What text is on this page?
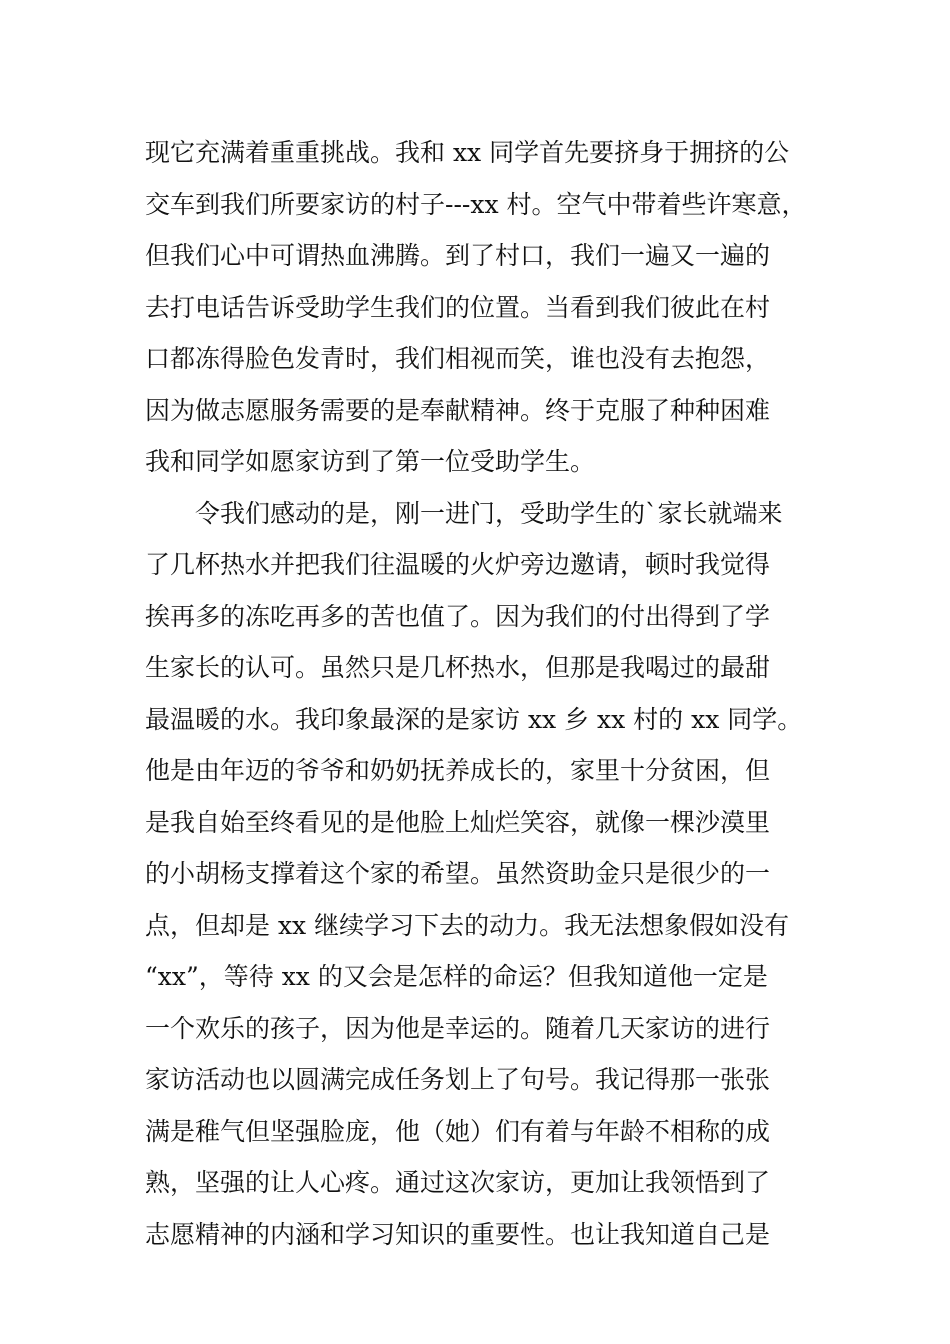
现它充满着重重挑战。我和 xx 同学首先要挤身于拥挤的公
交车到我们所要家访的村子---xx 村。空气中带着些许寒意，
但我们心中可谓热血沸腾。到了村口，我们一遍又一遍的
去打电话告诉受助学生我们的位置。当看到我们彼此在村
口都冻得脸色发青时，我们相视而笑，谁也没有去抱怨，
因为做志愿服务需要的是奉献精神。终于克服了种种困难
我和同学如愿家访到了第一位受助学生。
　　令我们感动的是，刚一进门，受助学生的`家长就端来
了几杯热水并把我们往温暖的火炉旁边邀请，顿时我觉得
挨再多的冻吃再多的苦也值了。因为我们的付出得到了学
生家长的认可。虽然只是几杯热水，但那是我喝过的最甜
最温暖的水。我印象最深的是家访 xx 乡 xx 村的 xx 同学。
他是由年迈的爷爷和奶奶抚养成长的，家里十分贫困，但
是我自始至终看见的是他脸上灿烂笑容，就像一棵沙漠里
的小胡杨支撑着这个家的希望。虽然资助金只是很少的一
点，但却是 xx 继续学习下去的动力。我无法想象假如没有
“xx”，等待 xx 的又会是怎样的命运？但我知道他一定是
一个欢乐的孩子，因为他是幸运的。随着几天家访的进行
家访活动也以圆满完成任务划上了句号。我记得那一张张
满是稚气但坚强脸庞，他（她）们有着与年龄不相称的成
熟，坚强的让人心疼。通过这次家访，更加让我领悟到了
志愿精神的内涵和学习知识的重要性。也让我知道自己是
